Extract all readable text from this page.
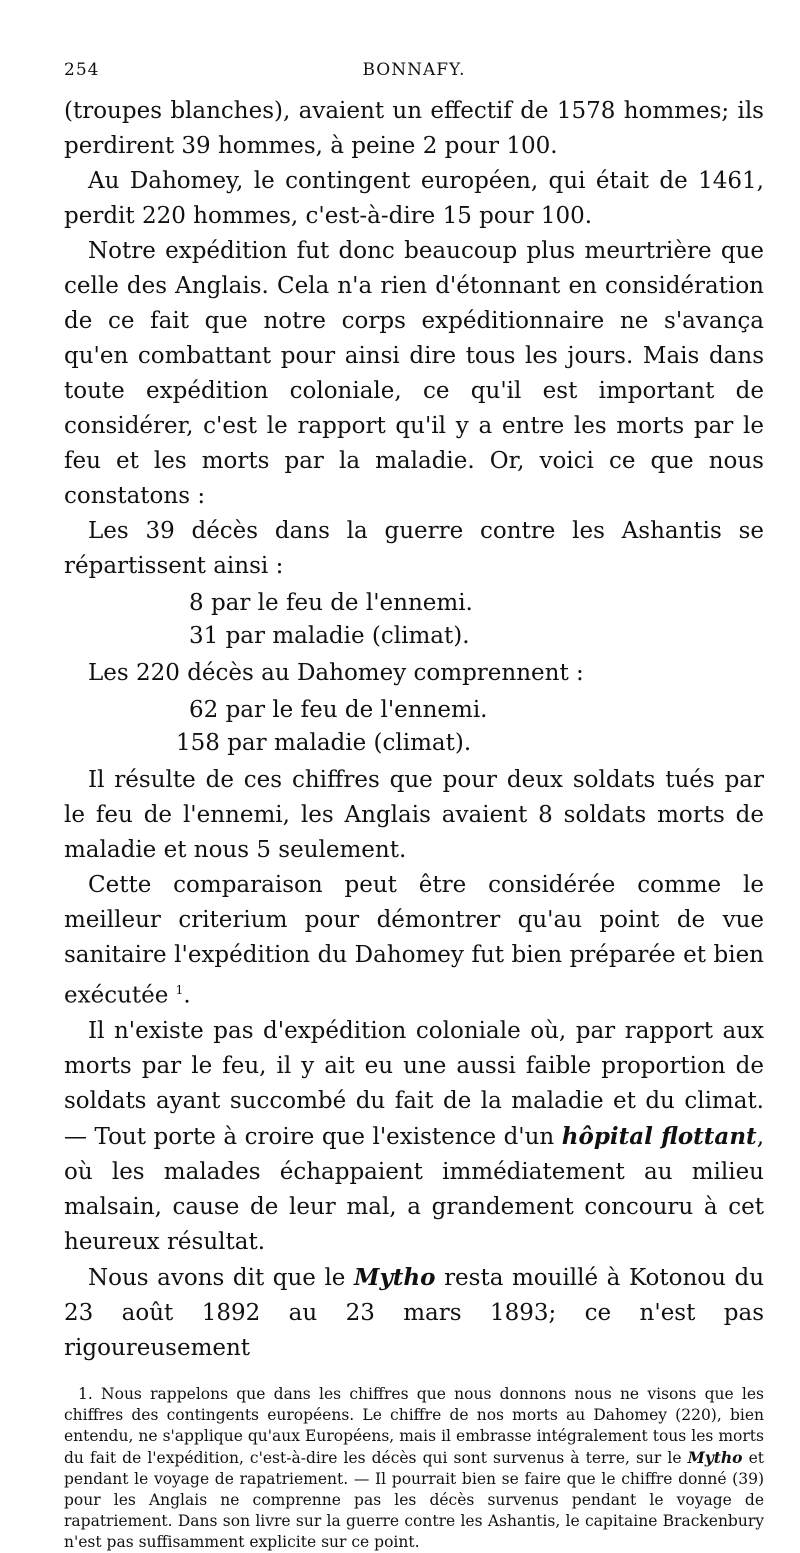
254	BONNAFY.

(troupes blanches), avaient un effectif de 1578 hommes; ils perdirent 39 hommes, à peine 2 pour 100.

Au Dahomey, le contingent européen, qui était de 1461, perdit 220 hommes, c'est-à-dire 15 pour 100.

Notre expédition fut donc beaucoup plus meurtrière que celle des Anglais. Cela n'a rien d'étonnant en considération de ce fait que notre corps expéditionnaire ne s'avança qu'en combattant pour ainsi dire tous les jours. Mais dans toute expédition coloniale, ce qu'il est important de considérer, c'est le rapport qu'il y a entre les morts par le feu et les morts par la maladie. Or, voici ce que nous constatons :

Les 39 décès dans la guerre contre les Ashantis se répartissent ainsi :

8 par le feu de l'ennemi.

31 par maladie (climat).

Les 220 décès au Dahomey comprennent :

62 par le feu de l'ennemi.

158 par maladie (climat).

Il résulte de ces chiffres que pour deux soldats tués par le feu de l'ennemi, les Anglais avaient 8 soldats morts de maladie et nous 5 seulement.

Cette comparaison peut être considérée comme le meilleur criterium pour démontrer qu'au point de vue sanitaire l'expédition du Dahomey fut bien préparée et bien exécutée $^1$.

Il n'existe pas d'expédition coloniale où, par rapport aux morts par le feu, il y ait eu une aussi faible proportion de soldats ayant succombé du fait de la maladie et du climat. — Tout porte à croire que l'existence d'un hôpital flottant, où les malades échappaient immédiatement au milieu malsain, cause de leur mal, a grandement concouru à cet heureux résultat.

Nous avons dit que le Mytho resta mouillé à Kotonou du 23 août 1892 au 23 mars 1893; ce n'est pas rigoureusement

1. Nous rappelons que dans les chiffres que nous donnons nous ne visons que les chiffres des contingents européens. Le chiffre de nos morts au Dahomey (220), bien entendu, ne s'applique qu'aux Européens, mais il embrasse intégralement tous les morts du fait de l'expédition, c'est-à-dire les décès qui sont survenus à terre, sur le Mytho et pendant le voyage de rapatriement. — Il pourrait bien se faire que le chiffre donné (39) pour les Anglais ne comprenne pas les décès survenus pendant le voyage de rapatriement. Dans son livre sur la guerre contre les Ashantis, le capitaine Brackenbury n'est pas suffisamment explicite sur ce point.
